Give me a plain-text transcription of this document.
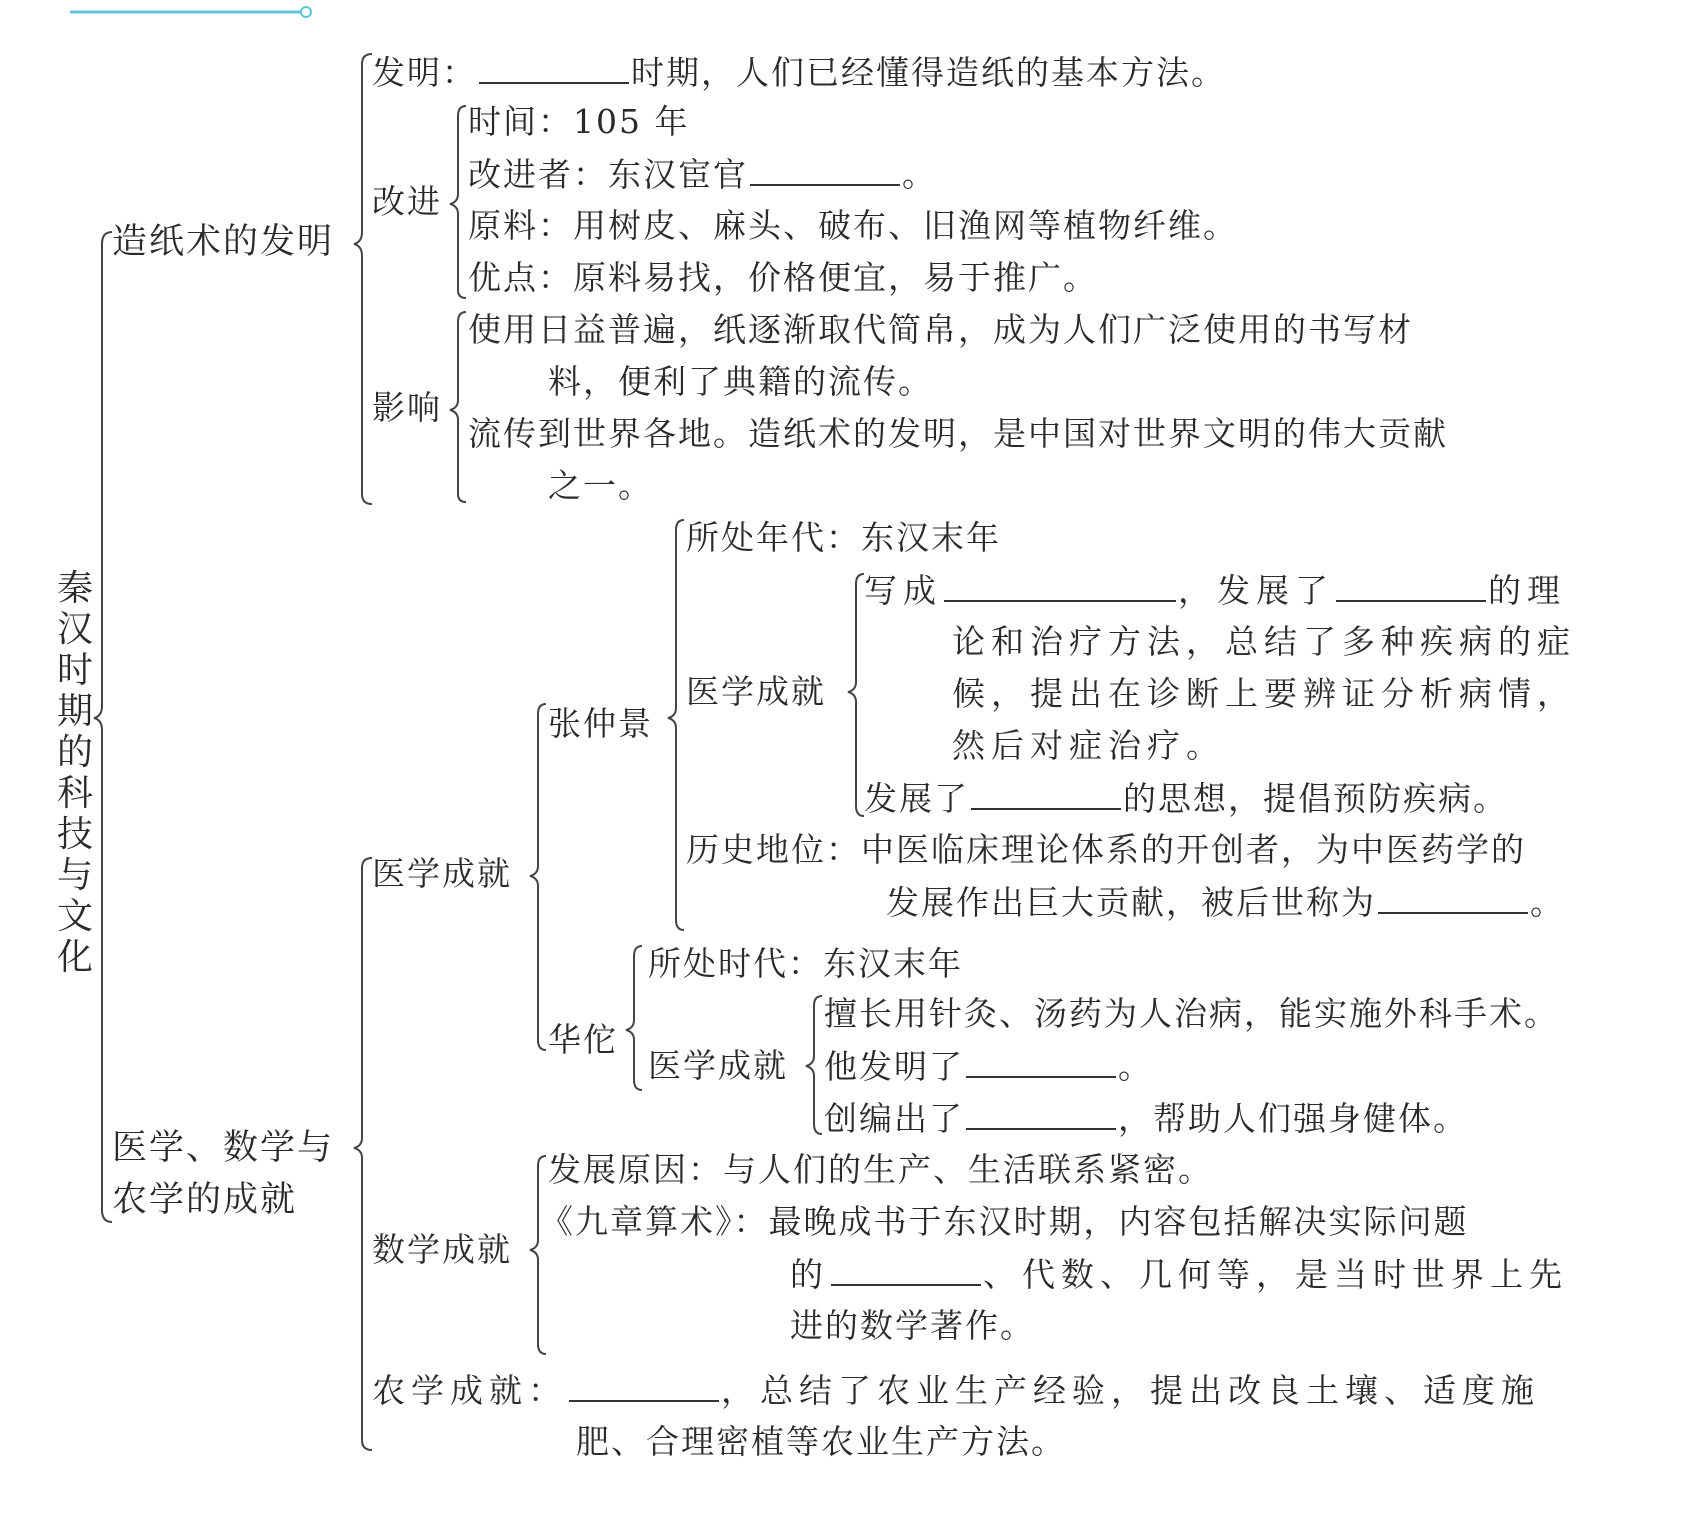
秦汉时期的科技与文化
造纸术的发明
发明：	时期，人们已经懂得造纸的基本方法。
改进
时间：105 年
改进者：东汉宦官	。
原料：用树皮、麻头、破布、旧渔网等植物纤维。
优点：原料易找，价格便宜，易于推广。
影响
使用日益普遍，纸逐渐取代简帛，成为人们广泛使用的书写材
料，便利了典籍的流传。
流传到世界各地。造纸术的发明，是中国对世界文明的伟大贡献
之一。
医学、数学与
农学的成就
医学成就
张仲景
所处年代：东汉末年
医学成就
写成	，发展了	的理
论和治疗方法，总结了多种疾病的症
候，提出在诊断上要辨证分析病情，
然后对症治疗。
发展了	的思想，提倡预防疾病。
历史地位：中医临床理论体系的开创者，为中医药学的
发展作出巨大贡献，被后世称为	。
华佗
所处时代：东汉末年
医学成就
擅长用针灸、汤药为人治病，能实施外科手术。
他发明了	。
创编出了	，帮助人们强身健体。
数学成就
发展原因：与人们的生产、生活联系紧密。
《九章算术》：最晚成书于东汉时期，内容包括解决实际问题
的	、代数、几何等，是当时世界上先
进的数学著作。
农学成就：	，总结了农业生产经验，提出改良土壤、适度施
肥、合理密植等农业生产方法。
